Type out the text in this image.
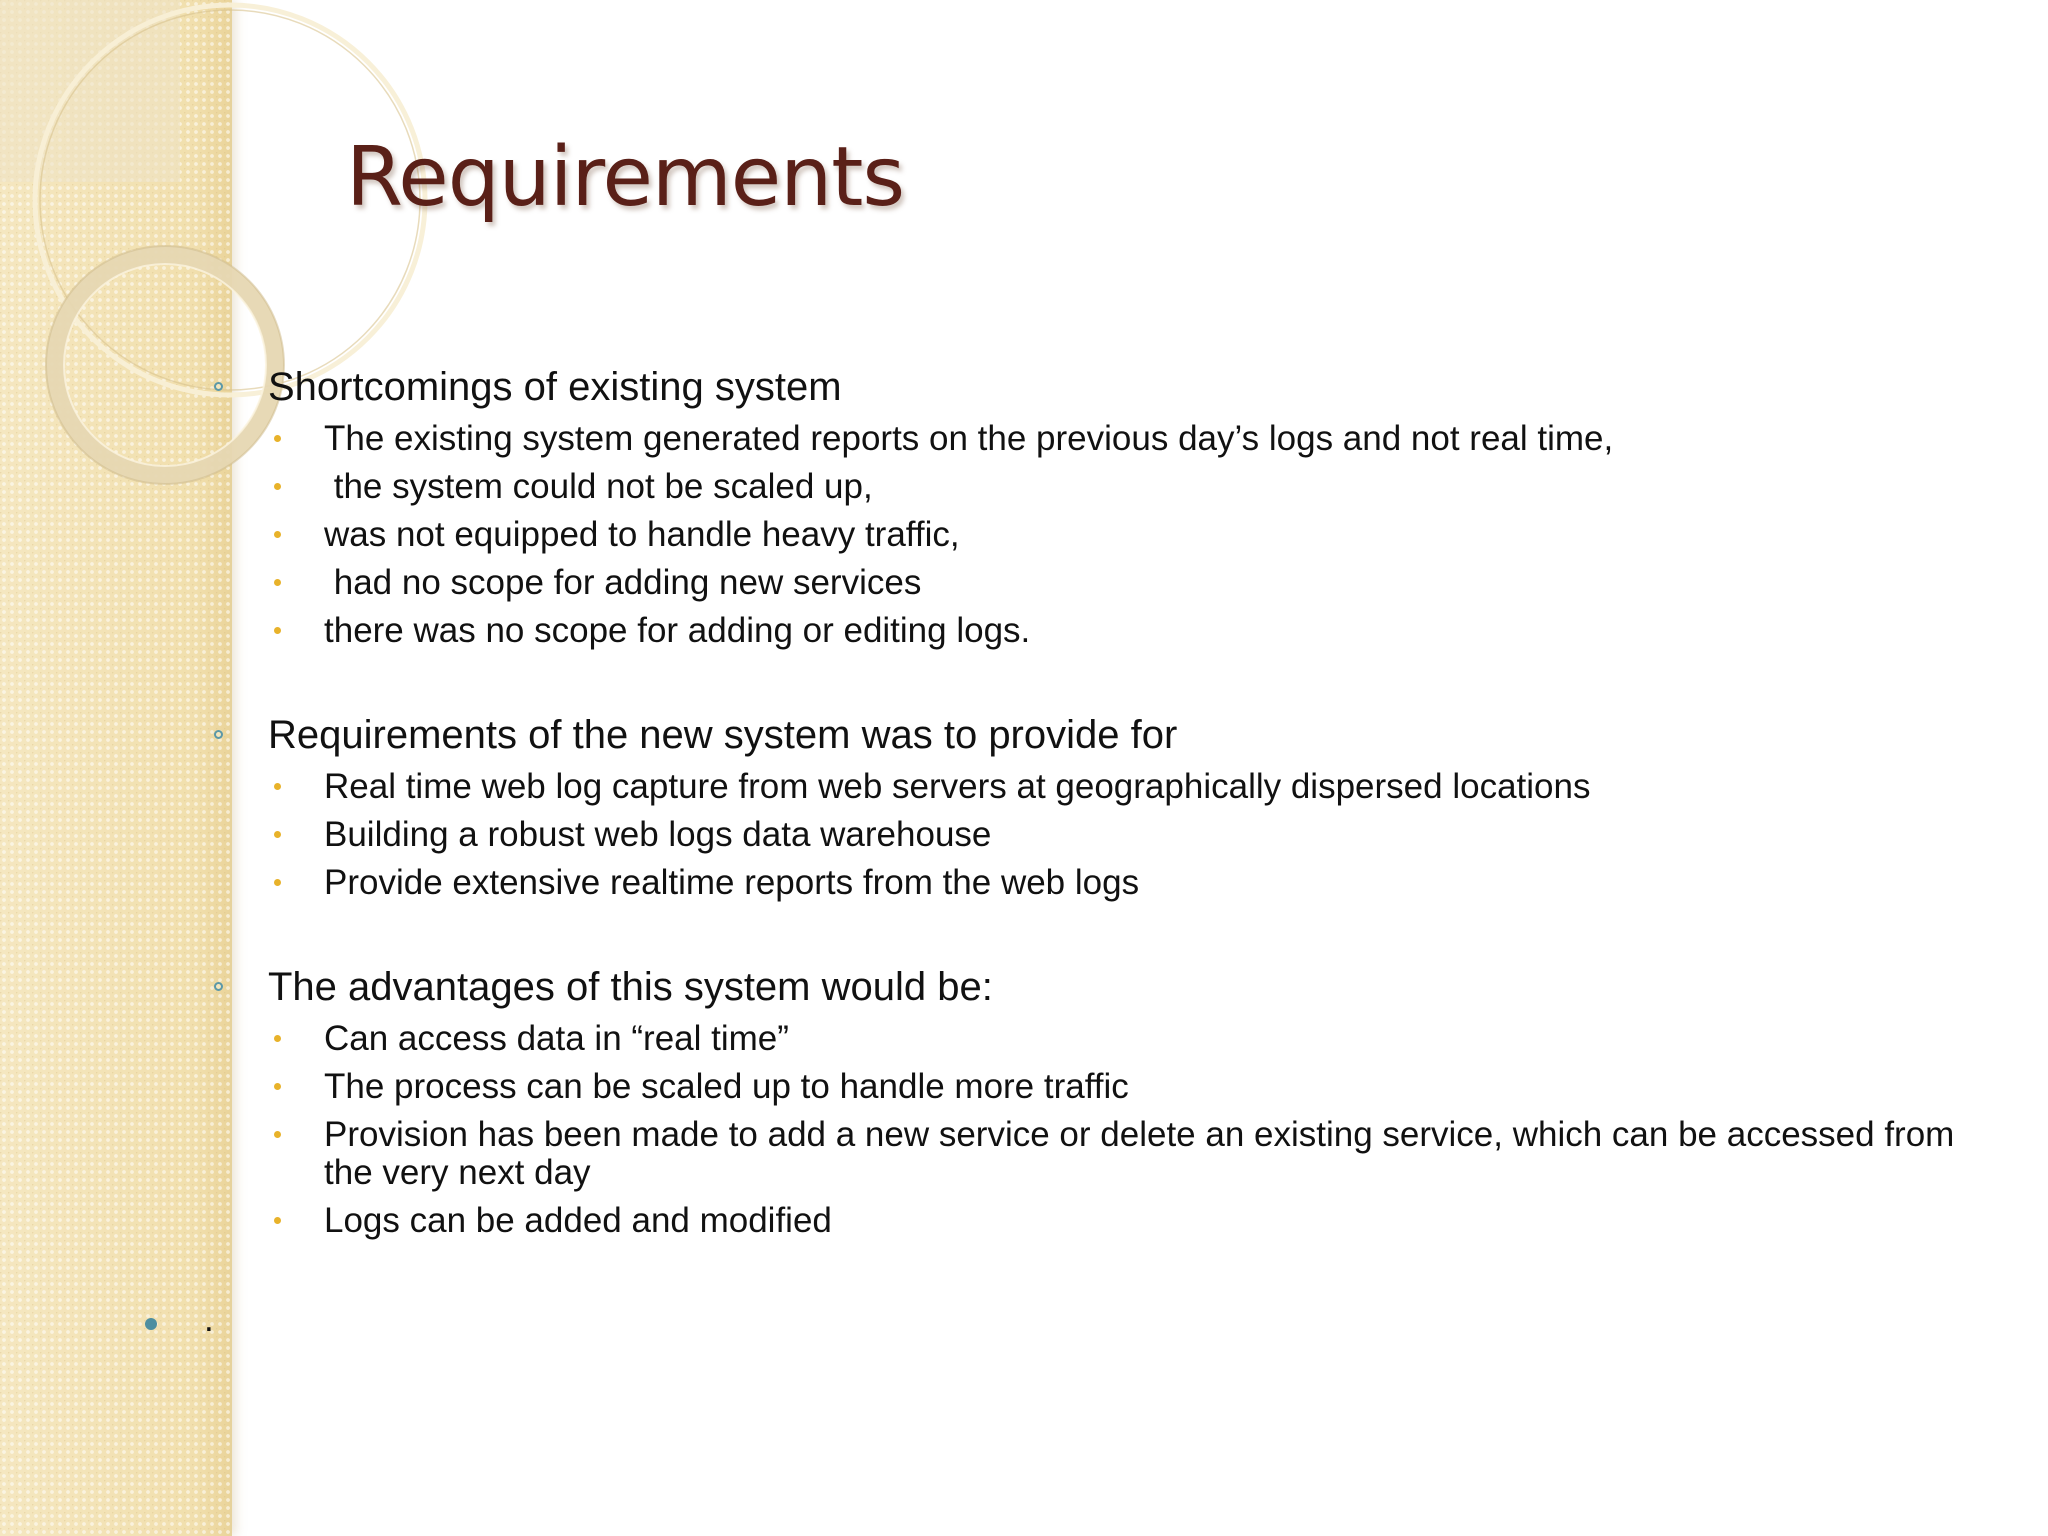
Requirements

Shortcomings of existing system

The existing system generated reports on the previous day’s logs and not real time,
the system could not be scaled up,
was not equipped to handle heavy traffic,
had no scope for adding new services
there was no scope for adding or editing logs.

Requirements of the new system was to provide for

Real time web log capture from web servers at geographically dispersed locations
Building a robust web logs data warehouse
Provide extensive realtime reports from the web logs

The advantages of this system would be:

Can access data in “real time”
The process can be scaled up to handle more traffic
Provision has been made to add a new service or delete an existing service, which can be accessed from the very next day
Logs can be added and modified
.
